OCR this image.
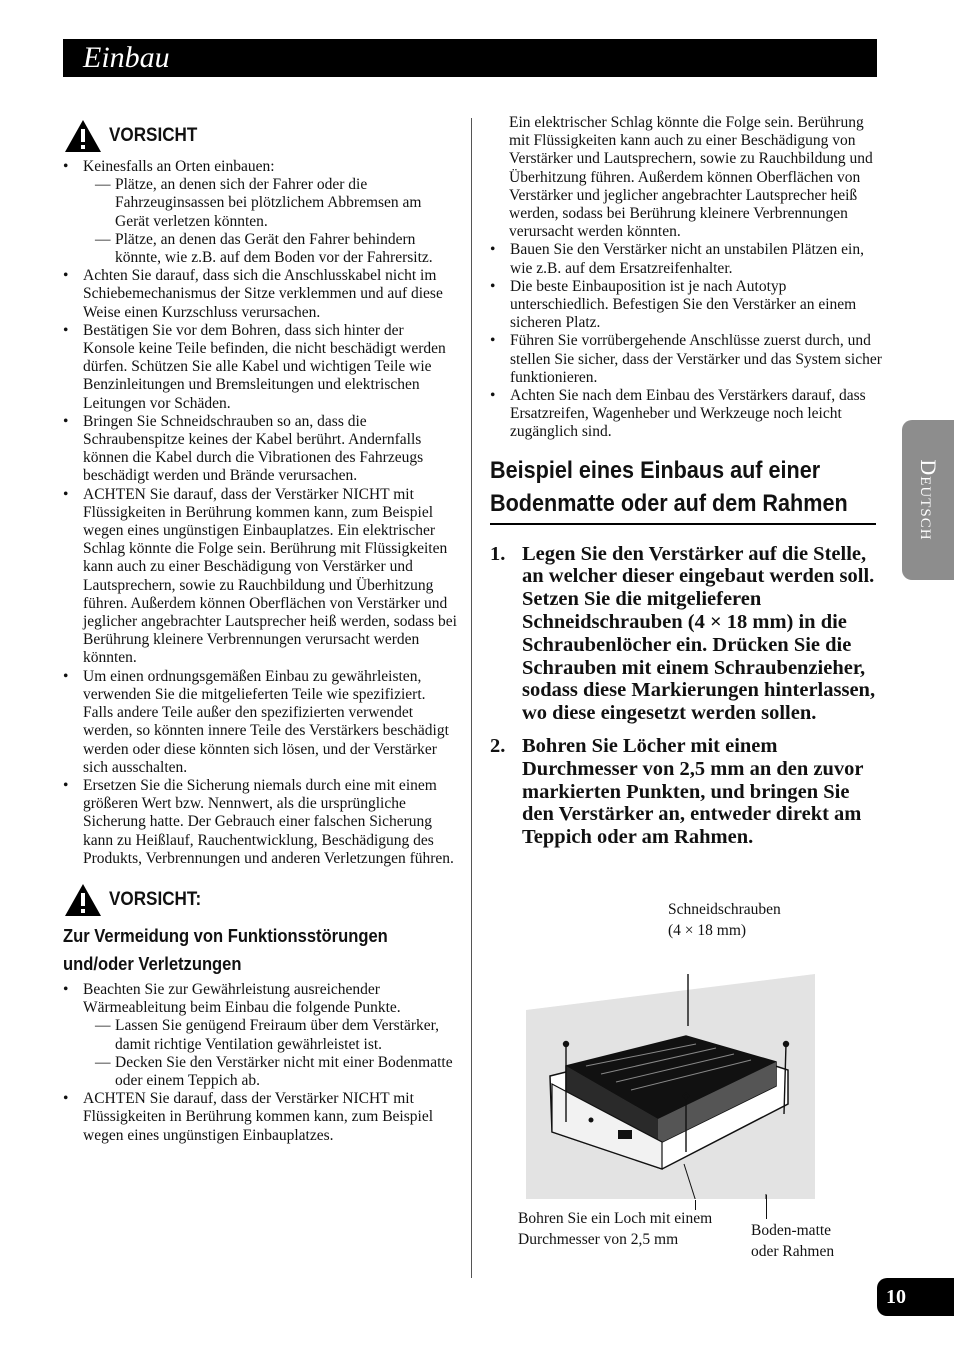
Einbau
VORSICHT
• Keinesfalls an Orten einbauen:
— Plätze, an denen sich der Fahrer oder die Fahrzeuginsassen bei plötzlichem Abbremsen am Gerät verletzen könnten.
— Plätze, an denen das Gerät den Fahrer behindern könnte, wie z.B. auf dem Boden vor der Fahrersitz.
• Achten Sie darauf, dass sich die Anschlusskabel nicht im Schiebemechanismus der Sitze verklemmen und auf diese Weise einen Kurzschluss verursachen.
• Bestätigen Sie vor dem Bohren, dass sich hinter der Konsole keine Teile befinden, die nicht beschädigt werden dürfen. Schützen Sie alle Kabel und wichtigen Teile wie Benzinleitungen und Bremsleitungen und elektrischen Leitungen vor Schäden.
• Bringen Sie Schneidschrauben so an, dass die Schraubenspitze keines der Kabel berührt. Andernfalls können die Kabel durch die Vibrationen des Fahrzeugs beschädigt werden und Brände verursachen.
• ACHTEN Sie darauf, dass der Verstärker NICHT mit Flüssigkeiten in Berührung kommen kann, zum Beispiel wegen eines ungünstigen Einbauplatzes. Ein elektrischer Schlag könnte die Folge sein. Berührung mit Flüssigkeiten kann auch zu einer Beschädigung von Verstärker und Lautsprechern, sowie zu Rauchbildung und Überhitzung führen. Außerdem können Oberflächen von Verstärker und jeglicher angebrachter Lautsprecher heiß werden, sodass bei Berührung kleinere Verbrennungen verursacht werden könnten.
• Um einen ordnungsgemäßen Einbau zu gewährleisten, verwenden Sie die mitgelieferten Teile wie spezifiziert. Falls andere Teile außer den spezifizierten verwendet werden, so könnten innere Teile des Verstärkers beschädigt werden oder diese könnten sich lösen, und der Verstärker sich ausschalten.
• Ersetzen Sie die Sicherung niemals durch eine mit einem größeren Wert bzw. Nennwert, als die ursprüngliche Sicherung hatte. Der Gebrauch einer falschen Sicherung kann zu Heißlauf, Rauchentwicklung, Beschädigung des Produkts, Verbrennungen und anderen Verletzungen führen.
VORSICHT:
Zur Vermeidung von Funktionsstörungen und/oder Verletzungen
• Beachten Sie zur Gewährleistung ausreichender Wärmeableitung beim Einbau die folgende Punkte.
— Lassen Sie genügend Freiraum über dem Verstärker, damit richtige Ventilation gewährleistet ist.
— Decken Sie den Verstärker nicht mit einer Bodenmatte oder einem Teppich ab.
• ACHTEN Sie darauf, dass der Verstärker NICHT mit Flüssigkeiten in Berührung kommen kann, zum Beispiel wegen eines ungünstigen Einbauplatzes.
Ein elektrischer Schlag könnte die Folge sein. Berührung mit Flüssigkeiten kann auch zu einer Beschädigung von Verstärker und Lautsprechern, sowie zu Rauchbildung und Überhitzung führen. Außerdem können Oberflächen von Verstärker und jeglicher angebrachter Lautsprecher heiß werden, sodass bei Berührung kleinere Verbrennungen verursacht werden könnten.
• Bauen Sie den Verstärker nicht an unstabilen Plätzen ein, wie z.B. auf dem Ersatzreifenhalter.
• Die beste Einbauposition ist je nach Autotyp unterschiedlich. Befestigen Sie den Verstärker an einem sicheren Platz.
• Führen Sie vorrübergehende Anschlüsse zuerst durch, und stellen Sie sicher, dass der Verstärker und das System sicher funktionieren.
• Achten Sie nach dem Einbau des Verstärkers darauf, dass Ersatzreifen, Wagenheber und Werkzeuge noch leicht zugänglich sind.
Beispiel eines Einbaus auf einer
Bodenmatte oder auf dem Rahmen
1. Legen Sie den Verstärker auf die Stelle, an welcher dieser eingebaut werden soll. Setzen Sie die mitgelieferen Schneidschrauben (4 × 18 mm) in die Schraubenlöcher ein. Drücken Sie die Schrauben mit einem Schraubenzieher, sodass diese Markierungen hinterlassen, wo diese eingesetzt werden sollen.
2. Bohren Sie Löcher mit einem Durchmesser von 2,5 mm an den zuvor markierten Punkten, und bringen Sie den Verstärker an, entweder direkt am Teppich oder am Rahmen.
Schneidschrauben
(4 × 18 mm)
Bohren Sie ein Loch mit einem
Durchmesser von 2,5 mm
Boden-matte
oder Rahmen
Deutsch
10
